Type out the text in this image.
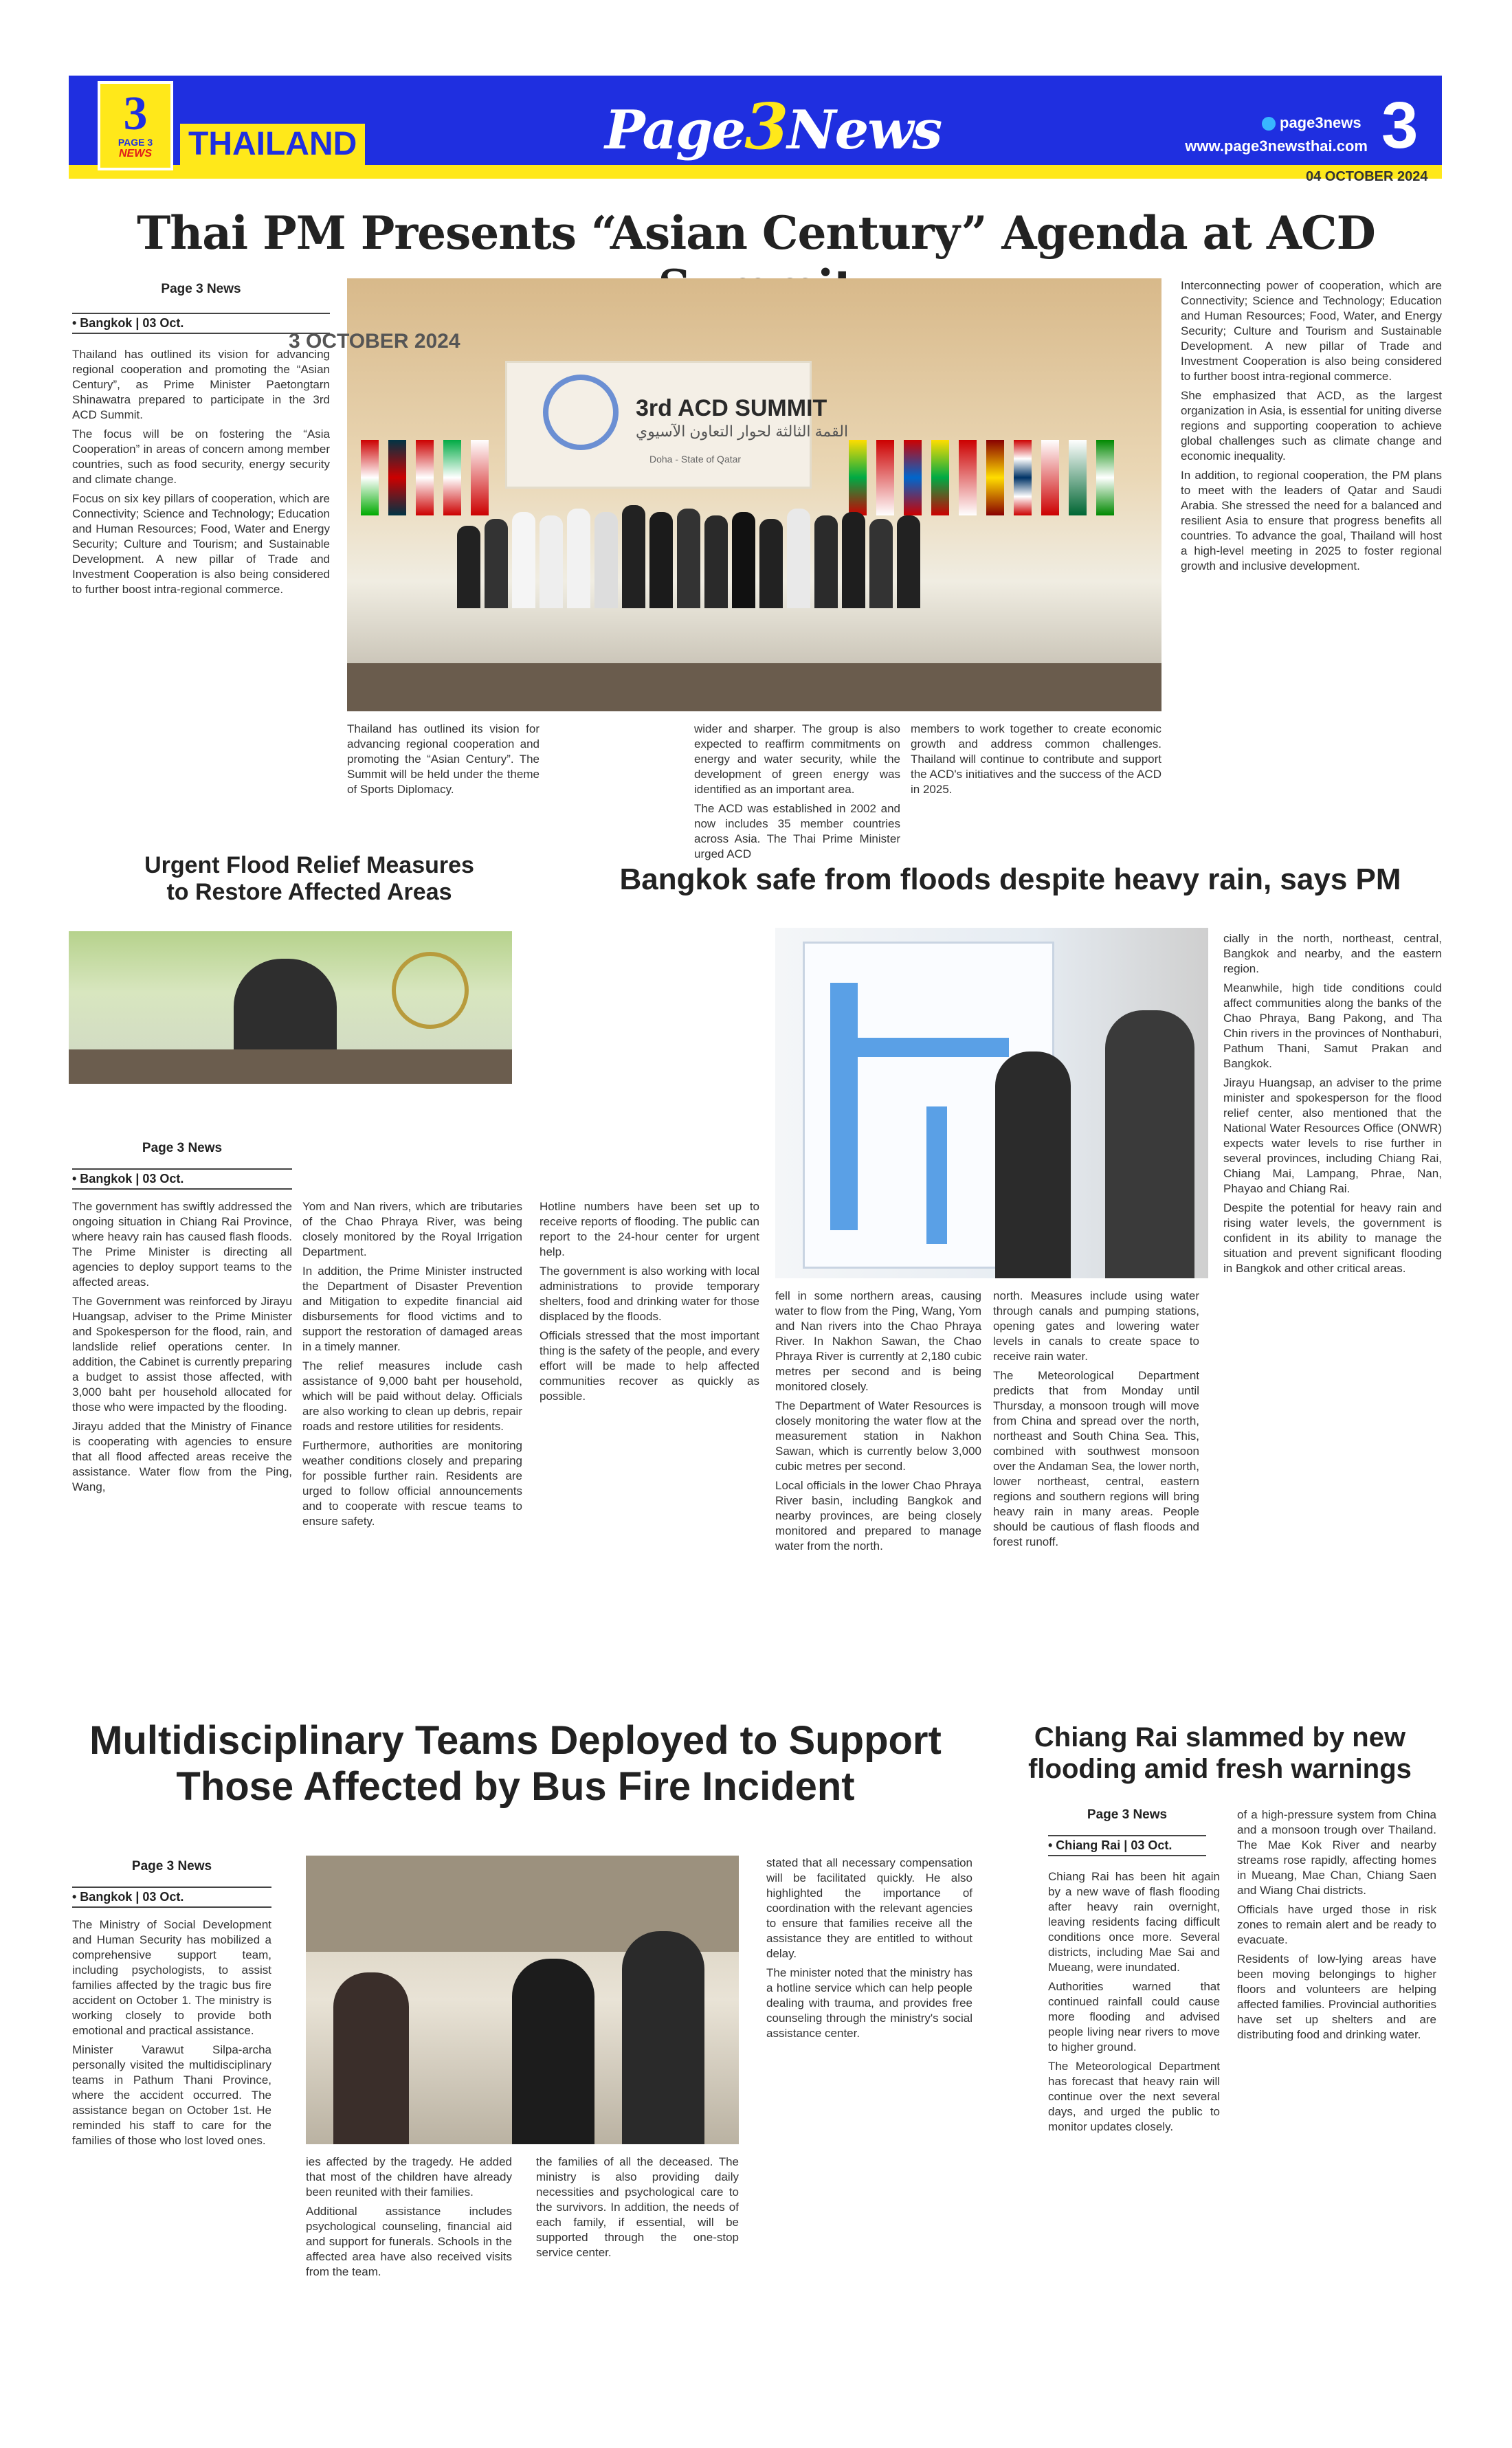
3
PAGE 3
NEWS THAILAND	Page3News	page3news
www.page3newsthai.com 3
04 OCTOBER 2024
Thai PM Presents “Asian Century” Agenda at ACD
Page 3 News
• Bangkok | 03 Oct.

Thailand has outlined its vision for advancing regional cooperation and promoting the “Asian Century”, as Prime Minister Paetongtarn Shinawatra prepared to participate in the 3rd ACD Summit.

The focus will be on fostering the “Asia Cooperation” in areas of concern among member countries, such as food security, energy security and climate change.

Focus on six key pillars of cooperation, which are Connectivity; Science and Technology; Education and Human Resources; Food, Water and Energy Security; Culture and Tourism; and Sustainable Development. A new pillar of Trade and Investment Cooperation is also being considered to further boost intra-regional commerce.

3rd ACD SUMMIT
القمة الثالثة لحوار التعاون الآسيوي
Doha - State of Qatar

Interconnecting power of cooperation, which are Connectivity; Science and Technology; Education and Human Resources; Food, Water, and Energy Security; Culture and Tourism and Sustainable Development. A new pillar of Trade and Investment Cooperation is also being considered to further boost intra-regional commerce.

She emphasized that ACD, as the largest organization in Asia, is essential for uniting diverse regions and supporting cooperation to achieve global challenges such as climate change and economic inequality.

In addition, to regional cooperation, the PM plans to meet with the leaders of Qatar and Saudi Arabia. She stressed the need for a balanced and resilient Asia to ensure that progress benefits all countries. To advance the goal, Thailand will host a high-level meeting in 2025 to foster regional growth and inclusive development.

Thailand has outlined its vision for advancing regional cooperation and promoting the “Asian Century”. The Summit will be held under the theme of Sports Diplomacy.

wider and sharper. The group is also expected to reaffirm commitments on energy and water security, while the development of green energy was identified as an important area.

The ACD was established in 2002 and now includes 35 member countries across Asia. The Thai Prime Minister urged ACD

members to work together to create economic growth and address common challenges. Thailand will continue to contribute and support the ACD's initiatives and the success of the ACD in 2025.

Urgent Flood Relief Measures
to Restore Affected Areas
3 OCTOBER 2024
Page 3 News
• Bangkok | 03 Oct.

The government has swiftly addressed the ongoing situation in Chiang Rai Province, where heavy rain has caused flash floods. The Prime Minister is directing all agencies to deploy support teams to the affected areas.

The Government was reinforced by Jirayu Huangsap, adviser to the Prime Minister and Spokesperson for the flood, rain, and landslide relief operations center. In addition, the Cabinet is currently preparing a budget to assist those affected, with 3,000 baht per household allocated for those who were impacted by the flooding.

Jirayu added that the Ministry of Finance is cooperating with agencies to ensure that all flood affected areas receive the assistance. Water flow from the Ping, Wang,

Yom and Nan rivers, which are tributaries of the Chao Phraya River, was being closely monitored by the Royal Irrigation Department.

In addition, the Prime Minister instructed the Department of Disaster Prevention and Mitigation to expedite financial aid disbursements for flood victims and to support the restoration of damaged areas in a timely manner.

The relief measures include cash assistance of 9,000 baht per household, which will be paid without delay. Officials are also working to clean up debris, repair roads and restore utilities for residents.

Furthermore, authorities are monitoring weather conditions closely and preparing for possible further rain. Residents are urged to follow official announcements and to cooperate with rescue teams to ensure safety.

Hotline numbers have been set up to receive reports of flooding. The public can report to the 24-hour center for urgent help.

The government is also working with local administrations to provide temporary shelters, food and drinking water for those displaced by the floods.

Officials stressed that the most important thing is the safety of the people, and every effort will be made to help affected communities recover as quickly as possible.

Bangkok safe from floods despite heavy rain, says PM

fell in some northern areas, causing water to flow from the Ping, Wang, Yom and Nan rivers into the Chao Phraya River. In Nakhon Sawan, the Chao Phraya River is currently at 2,180 cubic metres per second and is being monitored closely.

The Department of Water Resources is closely monitoring the water flow at the measurement station in Nakhon Sawan, which is currently below 3,000 cubic metres per second.

Local officials in the lower Chao Phraya River basin, including Bangkok and nearby provinces, are being closely monitored and prepared to manage water from the north.

north. Measures include using water through canals and pumping stations, opening gates and lowering water levels in canals to create space to receive rain water.

The Meteorological Department predicts that from Monday until Thursday, a monsoon trough will move from China and spread over the north, northeast and South China Sea. This, combined with southwest monsoon over the Andaman Sea, the lower north, lower northeast, central, eastern regions and southern regions will bring heavy rain in many areas. People should be cautious of flash floods and forest runoff.

cially in the north, northeast, central, Bangkok and nearby, and the eastern region.

Meanwhile, high tide conditions could affect communities along the banks of the Chao Phraya, Bang Pakong, and Tha Chin rivers in the provinces of Nonthaburi, Pathum Thani, Samut Prakan and Bangkok.

Jirayu Huangsap, an adviser to the prime minister and spokesperson for the flood relief center, also mentioned that the National Water Resources Office (ONWR) expects water levels to rise further in several provinces, including Chiang Rai, Chiang Mai, Lampang, Phrae, Nan, Phayao and Chiang Rai.

Despite the potential for heavy rain and rising water levels, the government is confident in its ability to manage the situation and prevent significant flooding in Bangkok and other critical areas.

Multidisciplinary Teams Deployed to Support
Those Affected by Bus Fire Incident
Page 3 News
• Bangkok | 03 Oct.

The Ministry of Social Development and Human Security has mobilized a comprehensive support team, including psychologists, to assist families affected by the tragic bus fire accident on October 1. The ministry is working closely to provide both emotional and practical assistance.

Minister Varawut Silpa-archa personally visited the multidisciplinary teams in Pathum Thani Province, where the accident occurred. The assistance began on October 1st. He reminded his staff to care for the families of those who lost loved ones.

ies affected by the tragedy. He added that most of the children have already been reunited with their families.

Additional assistance includes psychological counseling, financial aid and support for funerals. Schools in the affected area have also received visits from the team.

the families of all the deceased. The ministry is also providing daily necessities and psychological care to the survivors. In addition, the needs of each family, if essential, will be supported through the one-stop service center.

stated that all necessary compensation will be facilitated quickly. He also highlighted the importance of coordination with the relevant agencies to ensure that families receive all the assistance they are entitled to without delay.

The minister noted that the ministry has a hotline service which can help people dealing with trauma, and provides free counseling through the ministry's social assistance center.

Chiang Rai slammed by new
flooding amid fresh warnings
Page 3 News
• Chiang Rai | 03 Oct.

Chiang Rai has been hit again by a new wave of flash flooding after heavy rain overnight, leaving residents facing difficult conditions once more. Several districts, including Mae Sai and Mueang, were inundated.

Authorities warned that continued rainfall could cause more flooding and advised people living near rivers to move to higher ground.

The Meteorological Department has forecast that heavy rain will continue over the next several days, and urged the public to monitor updates closely.

of a high-pressure system from China and a monsoon trough over Thailand. The Mae Kok River and nearby streams rose rapidly, affecting homes in Mueang, Mae Chan, Chiang Saen and Wiang Chai districts.

Officials have urged those in risk zones to remain alert and be ready to evacuate.

Residents of low-lying areas have been moving belongings to higher floors and volunteers are helping affected families. Provincial authorities have set up shelters and are distributing food and drinking water.
